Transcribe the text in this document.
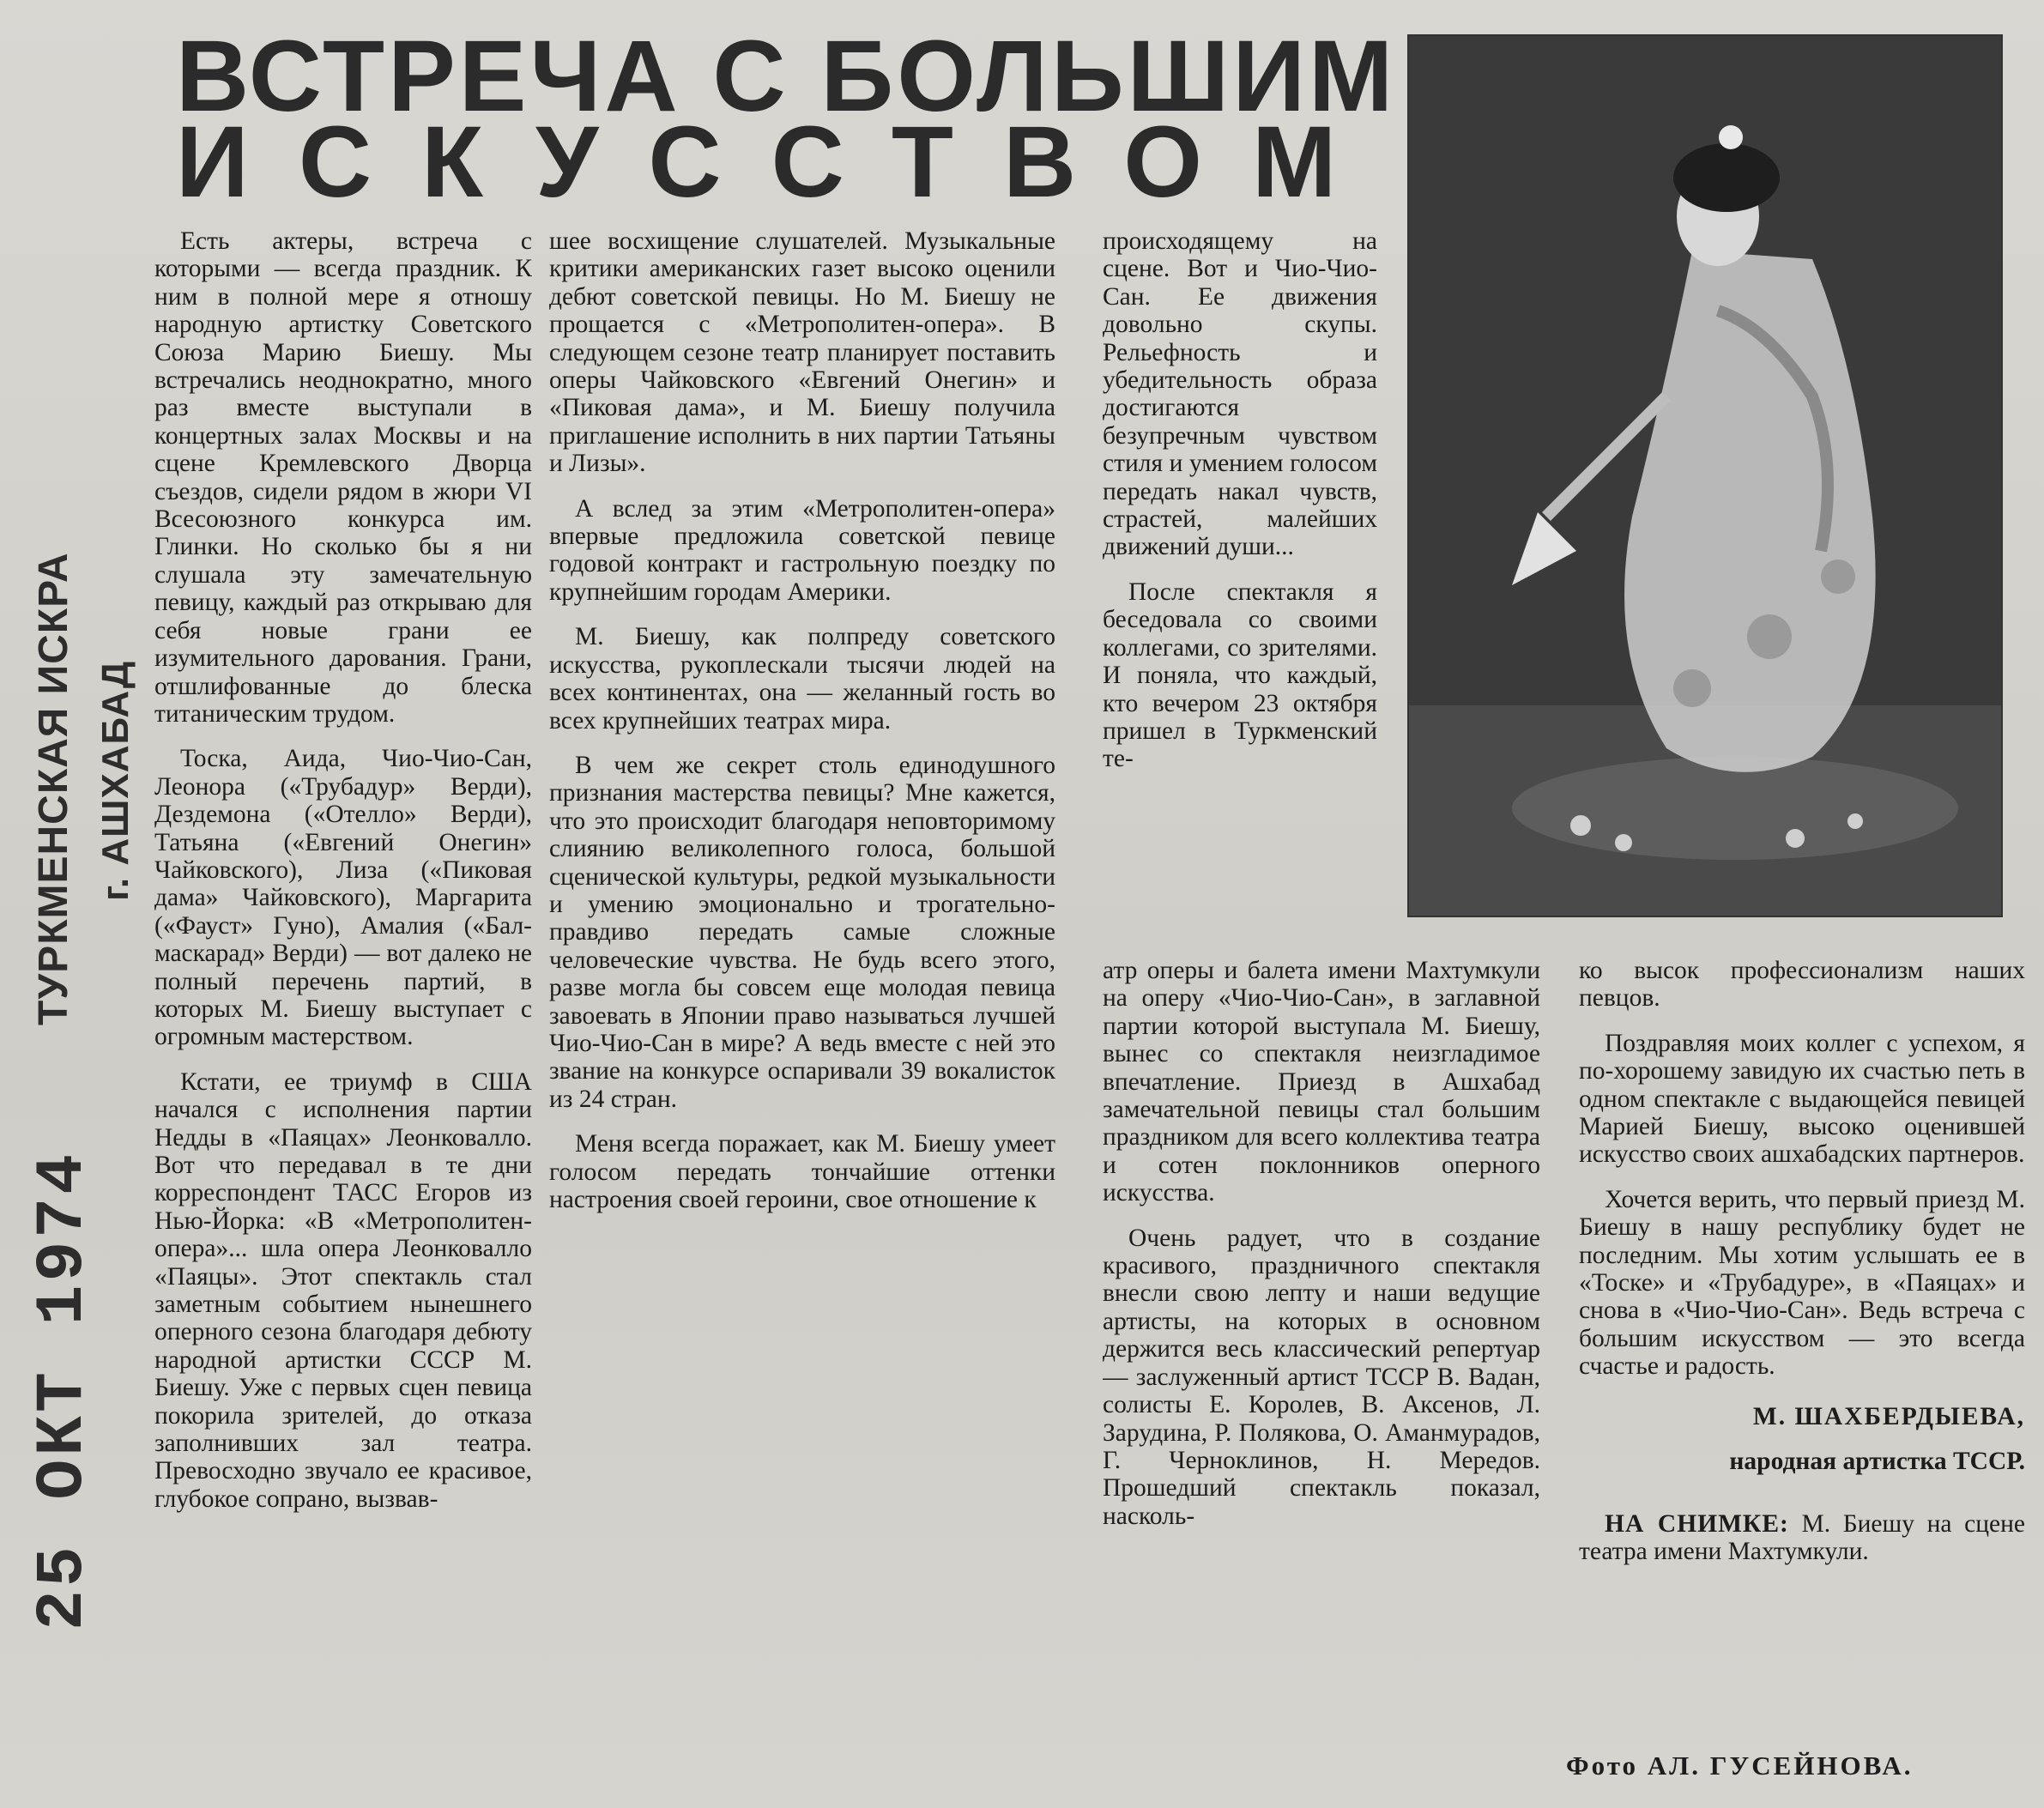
ВСТРЕЧА С БОЛЬШИМ
ИСКУССТВОМ
ТУРКМЕНСКАЯ ИСКРА г. АШХАБАД
25 ОКТ 1974

Есть актеры, встреча с которыми — всегда праздник. К ним в полной мере я отношу народную артистку Советского Союза Марию Биешу. Мы встречались неоднократно, много раз вместе выступали в концертных залах Москвы и на сцене Кремлевского Дворца съездов, сидели рядом в жюри VI Всесоюзного конкурса им. Глинки. Но сколько бы я ни слушала эту замечательную певицу, каждый раз открываю для себя новые грани ее изумительного дарования. Грани, отшлифованные до блеска титаническим трудом.

Тоска, Аида, Чио-Чио-Сан, Леонора («Трубадур» Верди), Дездемона («Отелло» Верди), Татьяна («Евгений Онегин» Чайковского), Лиза («Пиковая дама» Чайковского), Маргарита («Фауст» Гуно), Амалия («Бал-маскарад» Верди) — вот далеко не полный перечень партий, в которых М. Биешу выступает с огромным мастерством.

Кстати, ее триумф в США начался с исполнения партии Недды в «Паяцах» Леонковалло. Вот что передавал в те дни корреспондент ТАСС Егоров из Нью-Йорка: «В «Метрополитен-опера»... шла опера Леонковалло «Паяцы». Этот спектакль стал заметным событием нынешнего оперного сезона благодаря дебюту народной артистки СССР М. Биешу. Уже с первых сцен певица покорила зрителей, до отказа заполнивших зал театра. Превосходно звучало ее красивое, глубокое сопрано, вызвав-

шее восхищение слушателей. Музыкальные критики американских газет высоко оценили дебют советской певицы. Но М. Биешу не прощается с «Метрополитен-опера». В следующем сезоне театр планирует поставить оперы Чайковского «Евгений Онегин» и «Пиковая дама», и М. Биешу получила приглашение исполнить в них партии Татьяны и Лизы».

А вслед за этим «Метрополитен-опера» впервые предложила советской певице годовой контракт и гастрольную поездку по крупнейшим городам Америки.

М. Биешу, как полпреду советского искусства, рукоплескали тысячи людей на всех континентах, она — желанный гость во всех крупнейших театрах мира.

В чем же секрет столь единодушного признания мастерства певицы? Мне кажется, что это происходит благодаря неповторимому слиянию великолепного голоса, большой сценической культуры, редкой музыкальности и умению эмоционально и трогательно-правдиво передать самые сложные человеческие чувства. Не будь всего этого, разве могла бы совсем еще молодая певица завоевать в Японии право называться лучшей Чио-Чио-Сан в мире? А ведь вместе с ней это звание на конкурсе оспаривали 39 вокалисток из 24 стран.

Меня всегда поражает, как М. Биешу умеет голосом передать тончайшие оттенки настроения своей героини, свое отношение к

происходящему на сцене. Вот и Чио-Чио-Сан. Ее движения довольно скупы. Рельефность и убедительность образа достигаются безупречным чувством стиля и умением голосом передать накал чувств, страстей, малейших движений души...

После спектакля я беседовала со своими коллегами, со зрителями. И поняла, что каждый, кто вечером 23 октября пришел в Туркменский те-

атр оперы и балета имени Махтумкули на оперу «Чио-Чио-Сан», в заглавной партии которой выступала М. Биешу, вынес со спектакля неизгладимое впечатление. Приезд в Ашхабад замечательной певицы стал большим праздником для всего коллектива театра и сотен поклонников оперного искусства.

Очень радует, что в создание красивого, праздничного спектакля внесли свою лепту и наши ведущие артисты, на которых в основном держится весь классический репертуар — заслуженный артист ТССР В. Вадан, солисты Е. Королев, В. Аксенов, Л. Зарудина, Р. Полякова, О. Аманмурадов, Г. Черноклинов, Н. Мередов. Прошедший спектакль показал, насколь-

ко высок профессионализм наших певцов.

Поздравляя моих коллег с успехом, я по-хорошему завидую их счастью петь в одном спектакле с выдающейся певицей Марией Биешу, высоко оценившей искусство своих ашхабадских партнеров.

Хочется верить, что первый приезд М. Биешу в нашу республику будет не последним. Мы хотим услышать ее в «Тоске» и «Трубадуре», в «Паяцах» и снова в «Чио-Чио-Сан». Ведь встреча с большим искусством — это всегда счастье и радость.

М. ШАХБЕРДЫЕВА,

народная артистка ТССР.

НА СНИМКЕ: М. Биешу на сцене театра имени Махтумкули.

Фото АЛ. ГУСЕЙНОВА.
